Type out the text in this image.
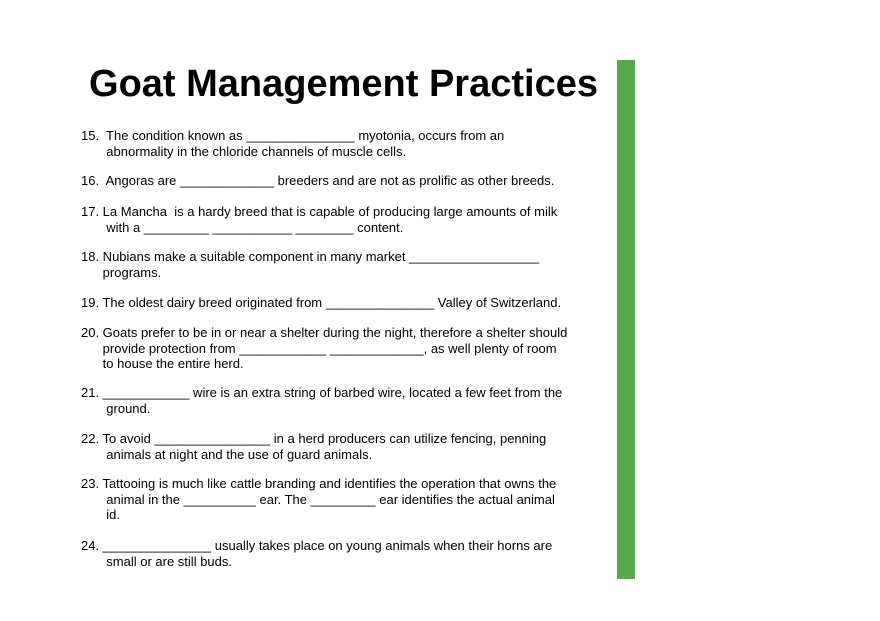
Goat Management Practices
15.  The condition known as _______________ myotonia, occurs from an
abnormality in the chloride channels of muscle cells.
16.  Angoras are _____________ breeders and are not as prolific as other breeds.
17. La Mancha  is a hardy breed that is capable of producing large amounts of milk
with a _________ ___________ ________ content.
18. Nubians make a suitable component in many market __________________
programs.
19. The oldest dairy breed originated from _______________ Valley of Switzerland.
20. Goats prefer to be in or near a shelter during the night, therefore a shelter should
provide protection from ____________ _____________, as well plenty of room
to house the entire herd.
21. ____________ wire is an extra string of barbed wire, located a few feet from the
ground.
22. To avoid ________________ in a herd producers can utilize fencing, penning
animals at night and the use of guard animals.
23. Tattooing is much like cattle branding and identifies the operation that owns the
animal in the __________ ear. The _________ ear identifies the actual animal
id.
24. _______________ usually takes place on young animals when their horns are
small or are still buds.
